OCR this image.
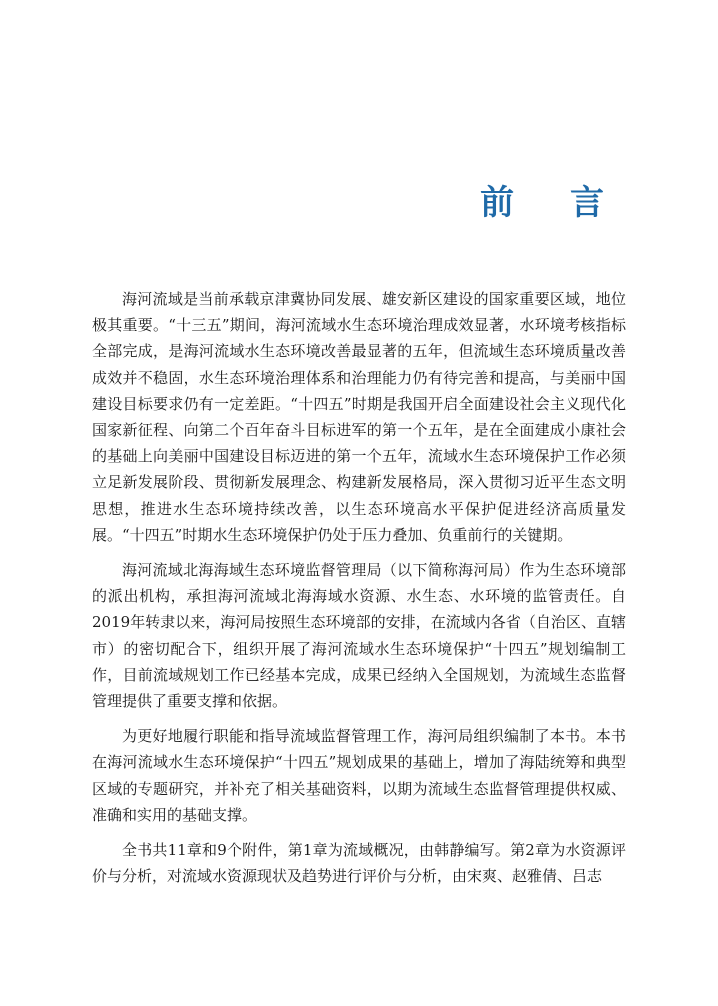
前 言

海河流域是当前承载京津冀协同发展、雄安新区建设的国家重要区域，地位极其重要。“十三五”期间，海河流域水生态环境治理成效显著，水环境考核指标全部完成，是海河流域水生态环境改善最显著的五年，但流域生态环境质量改善成效并不稳固，水生态环境治理体系和治理能力仍有待完善和提高，与美丽中国建设目标要求仍有一定差距。“十四五”时期是我国开启全面建设社会主义现代化国家新征程、向第二个百年奋斗目标进军的第一个五年，是在全面建成小康社会的基础上向美丽中国建设目标迈进的第一个五年，流域水生态环境保护工作必须立足新发展阶段、贯彻新发展理念、构建新发展格局，深入贯彻习近平生态文明思想，推进水生态环境持续改善，以生态环境高水平保护促进经济高质量发展。“十四五”时期水生态环境保护仍处于压力叠加、负重前行的关键期。

海河流域北海海域生态环境监督管理局（以下简称海河局）作为生态环境部的派出机构，承担海河流域北海海域水资源、水生态、水环境的监管责任。自2019年转隶以来，海河局按照生态环境部的安排，在流域内各省（自治区、直辖市）的密切配合下，组织开展了海河流域水生态环境保护“十四五”规划编制工作，目前流域规划工作已经基本完成，成果已经纳入全国规划，为流域生态监督管理提供了重要支撑和依据。

为更好地履行职能和指导流域监督管理工作，海河局组织编制了本书。本书在海河流域水生态环境保护“十四五”规划成果的基础上，增加了海陆统筹和典型区域的专题研究，并补充了相关基础资料，以期为流域生态监督管理提供权威、准确和实用的基础支撑。

全书共11章和9个附件，第1章为流域概况，由韩静编写。第2章为水资源评价与分析，对流域水资源现状及趋势进行评价与分析，由宋爽、赵雅倩、吕志
